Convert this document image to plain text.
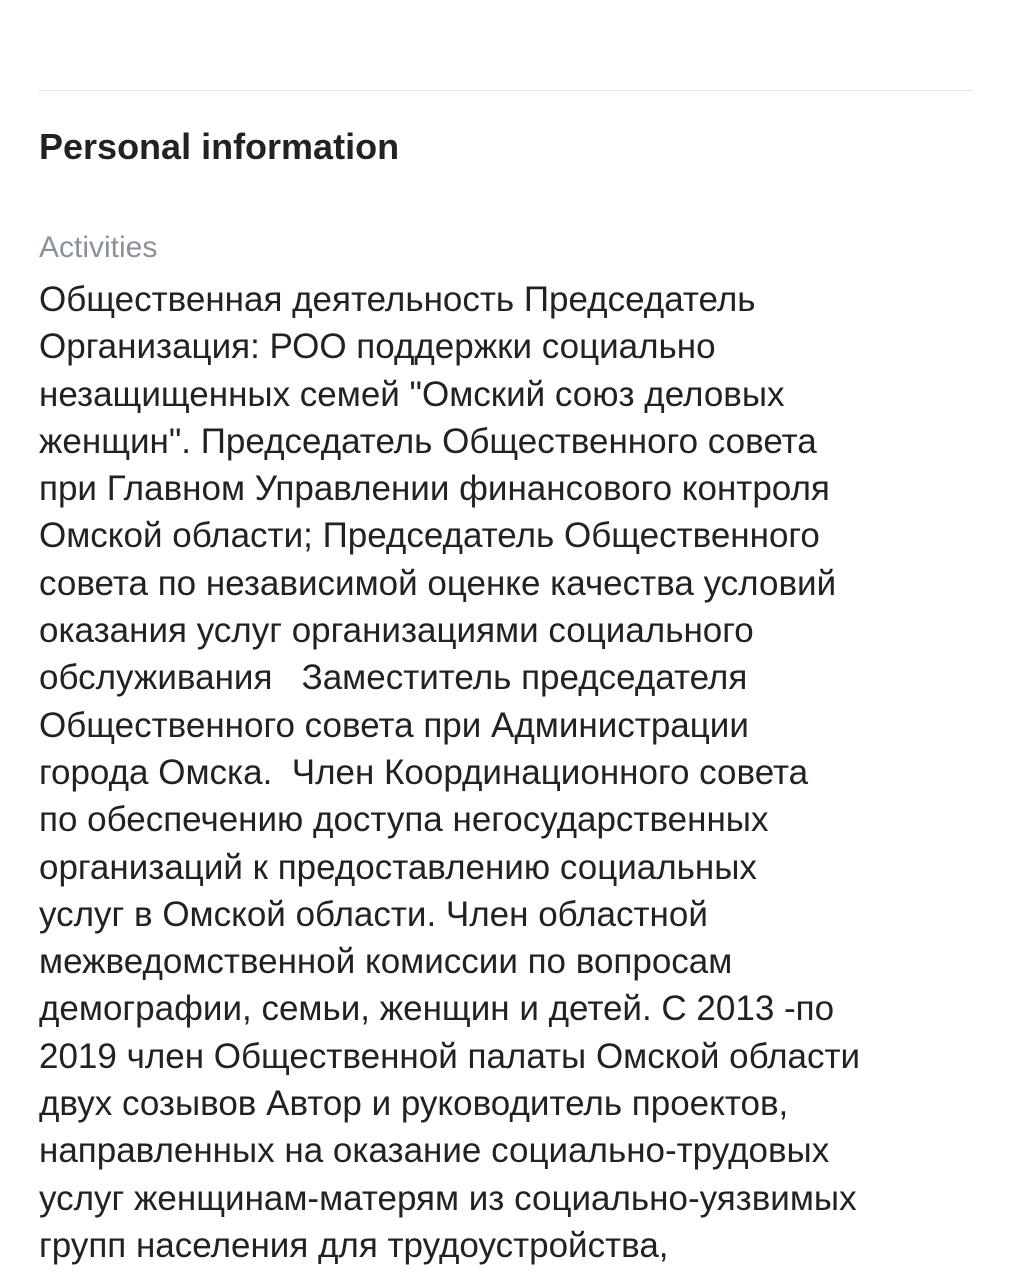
Personal information
Activities

Общественная деятельность Председатель
Организация: РОО поддержки социально
незащищенных семей "Омский союз деловых
женщин". Председатель Общественного совета
при Главном Управлении финансового контроля
Омской области; Председатель Общественного
совета по независимой оценке качества условий
оказания услуг организациями социального
обслуживания   Заместитель председателя
Общественного совета при Администрации
города Омска.  Член Координационного совета
по обеспечению доступа негосударственных
организаций к предоставлению социальных
услуг в Омской области. Член областной
межведомственной комиссии по вопросам
демографии, семьи, женщин и детей. С 2013 -по
2019 член Общественной палаты Омской области
двух созывов Автор и руководитель проектов,
направленных на оказание социально-трудовых
услуг женщинам-матерям из социально-уязвимых
групп населения для трудоустройства,
